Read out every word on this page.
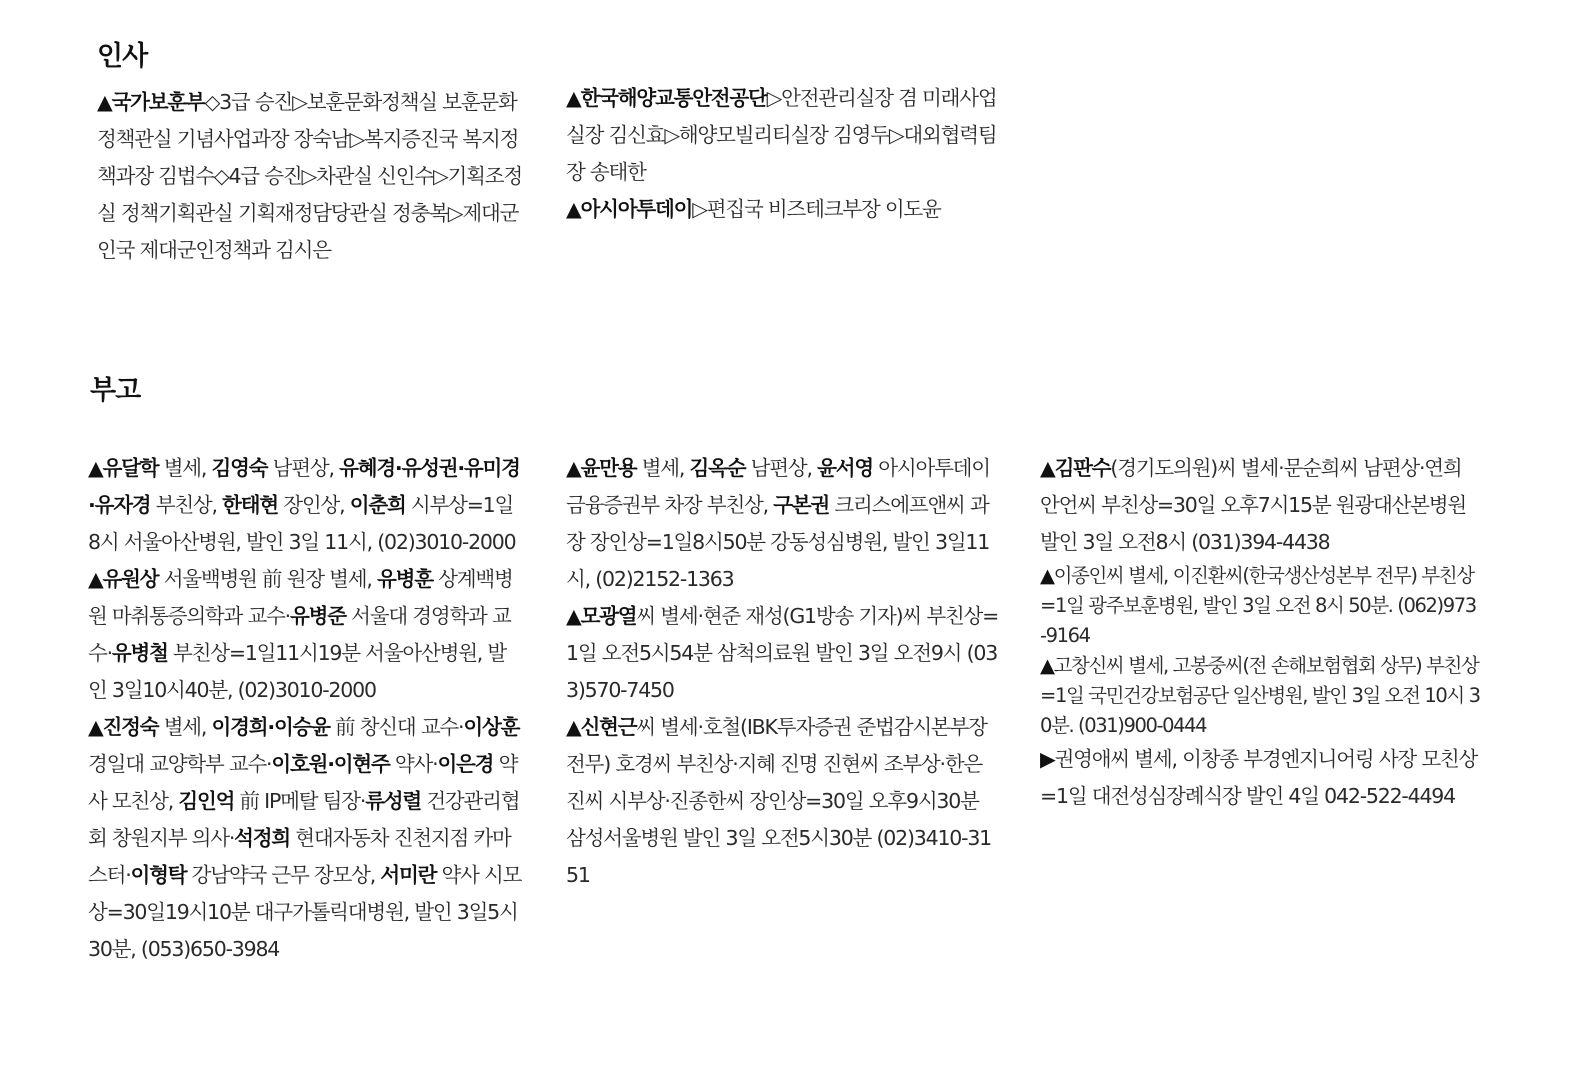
인사

▲국가보훈부◇3급 승진▷보훈문화정책실 보훈문화정책관실 기념사업과장 장숙남▷복지증진국 복지정책과장 김법수◇4급 승진▷차관실 신인수▷기획조정실 정책기획관실 기획재정담당관실 정충복▷제대군인국 제대군인정책과 김시은

▲한국해양교통안전공단▷안전관리실장 겸 미래사업실장 김신효▷해양모빌리티실장 김영두▷대외협력팀장 송태한

▲아시아투데이▷편집국 비즈테크부장 이도윤

부고

▲유달학 별세, 김영숙 남편상, 유혜경·유성권·유미경·유자경 부친상, 한태현 장인상, 이춘희 시부상=1일8시 서울아산병원, 발인 3일 11시, (02)3010-2000

▲유원상 서울백병원 前 원장 별세, 유병훈 상계백병원 마취통증의학과 교수·유병준 서울대 경영학과 교수·유병철 부친상=1일11시19분 서울아산병원, 발인 3일10시40분, (02)3010-2000

▲진정숙 별세, 이경희·이승윤 前 창신대 교수·이상훈 경일대 교양학부 교수·이호원·이현주 약사·이은경 약사 모친상, 김인억 前 IP메탈 팀장·류성렬 건강관리협회 창원지부 의사·석정희 현대자동차 진천지점 카마스터·이형탁 강남약국 근무 장모상, 서미란 약사 시모상=30일19시10분 대구가톨릭대병원, 발인 3일5시30분, (053)650-3984

▲윤만용 별세, 김옥순 남편상, 윤서영 아시아투데이 금융증권부 차장 부친상, 구본권 크리스에프앤씨 과장 장인상=1일8시50분 강동성심병원, 발인 3일11시, (02)2152-1363

▲모광열씨 별세·현준 재성(G1방송 기자)씨 부친상=1일 오전5시54분 삼척의료원 발인 3일 오전9시 (033)570-7450

▲신현근씨 별세·호철(IBK투자증권 준법감시본부장 전무) 호경씨 부친상·지혜 진명 진현씨 조부상·한은진씨 시부상·진종한씨 장인상=30일 오후9시30분 삼성서울병원 발인 3일 오전5시30분 (02)3410-3151

▲김판수(경기도의원)씨 별세·문순희씨 남편상·연희 안언씨 부친상=30일 오후7시15분 원광대산본병원 발인 3일 오전8시 (031)394-4438

▲이종인씨 별세, 이진환씨(한국생산성본부 전무) 부친상=1일 광주보훈병원, 발인 3일 오전 8시 50분. (062)973-9164

▲고창신씨 별세, 고봉중씨(전 손해보험협회 상무) 부친상=1일 국민건강보험공단 일산병원, 발인 3일 오전 10시 30분. (031)900-0444

▶권영애씨 별세, 이창종 부경엔지니어링 사장 모친상=1일 대전성심장례식장 발인 4일 042-522-4494
